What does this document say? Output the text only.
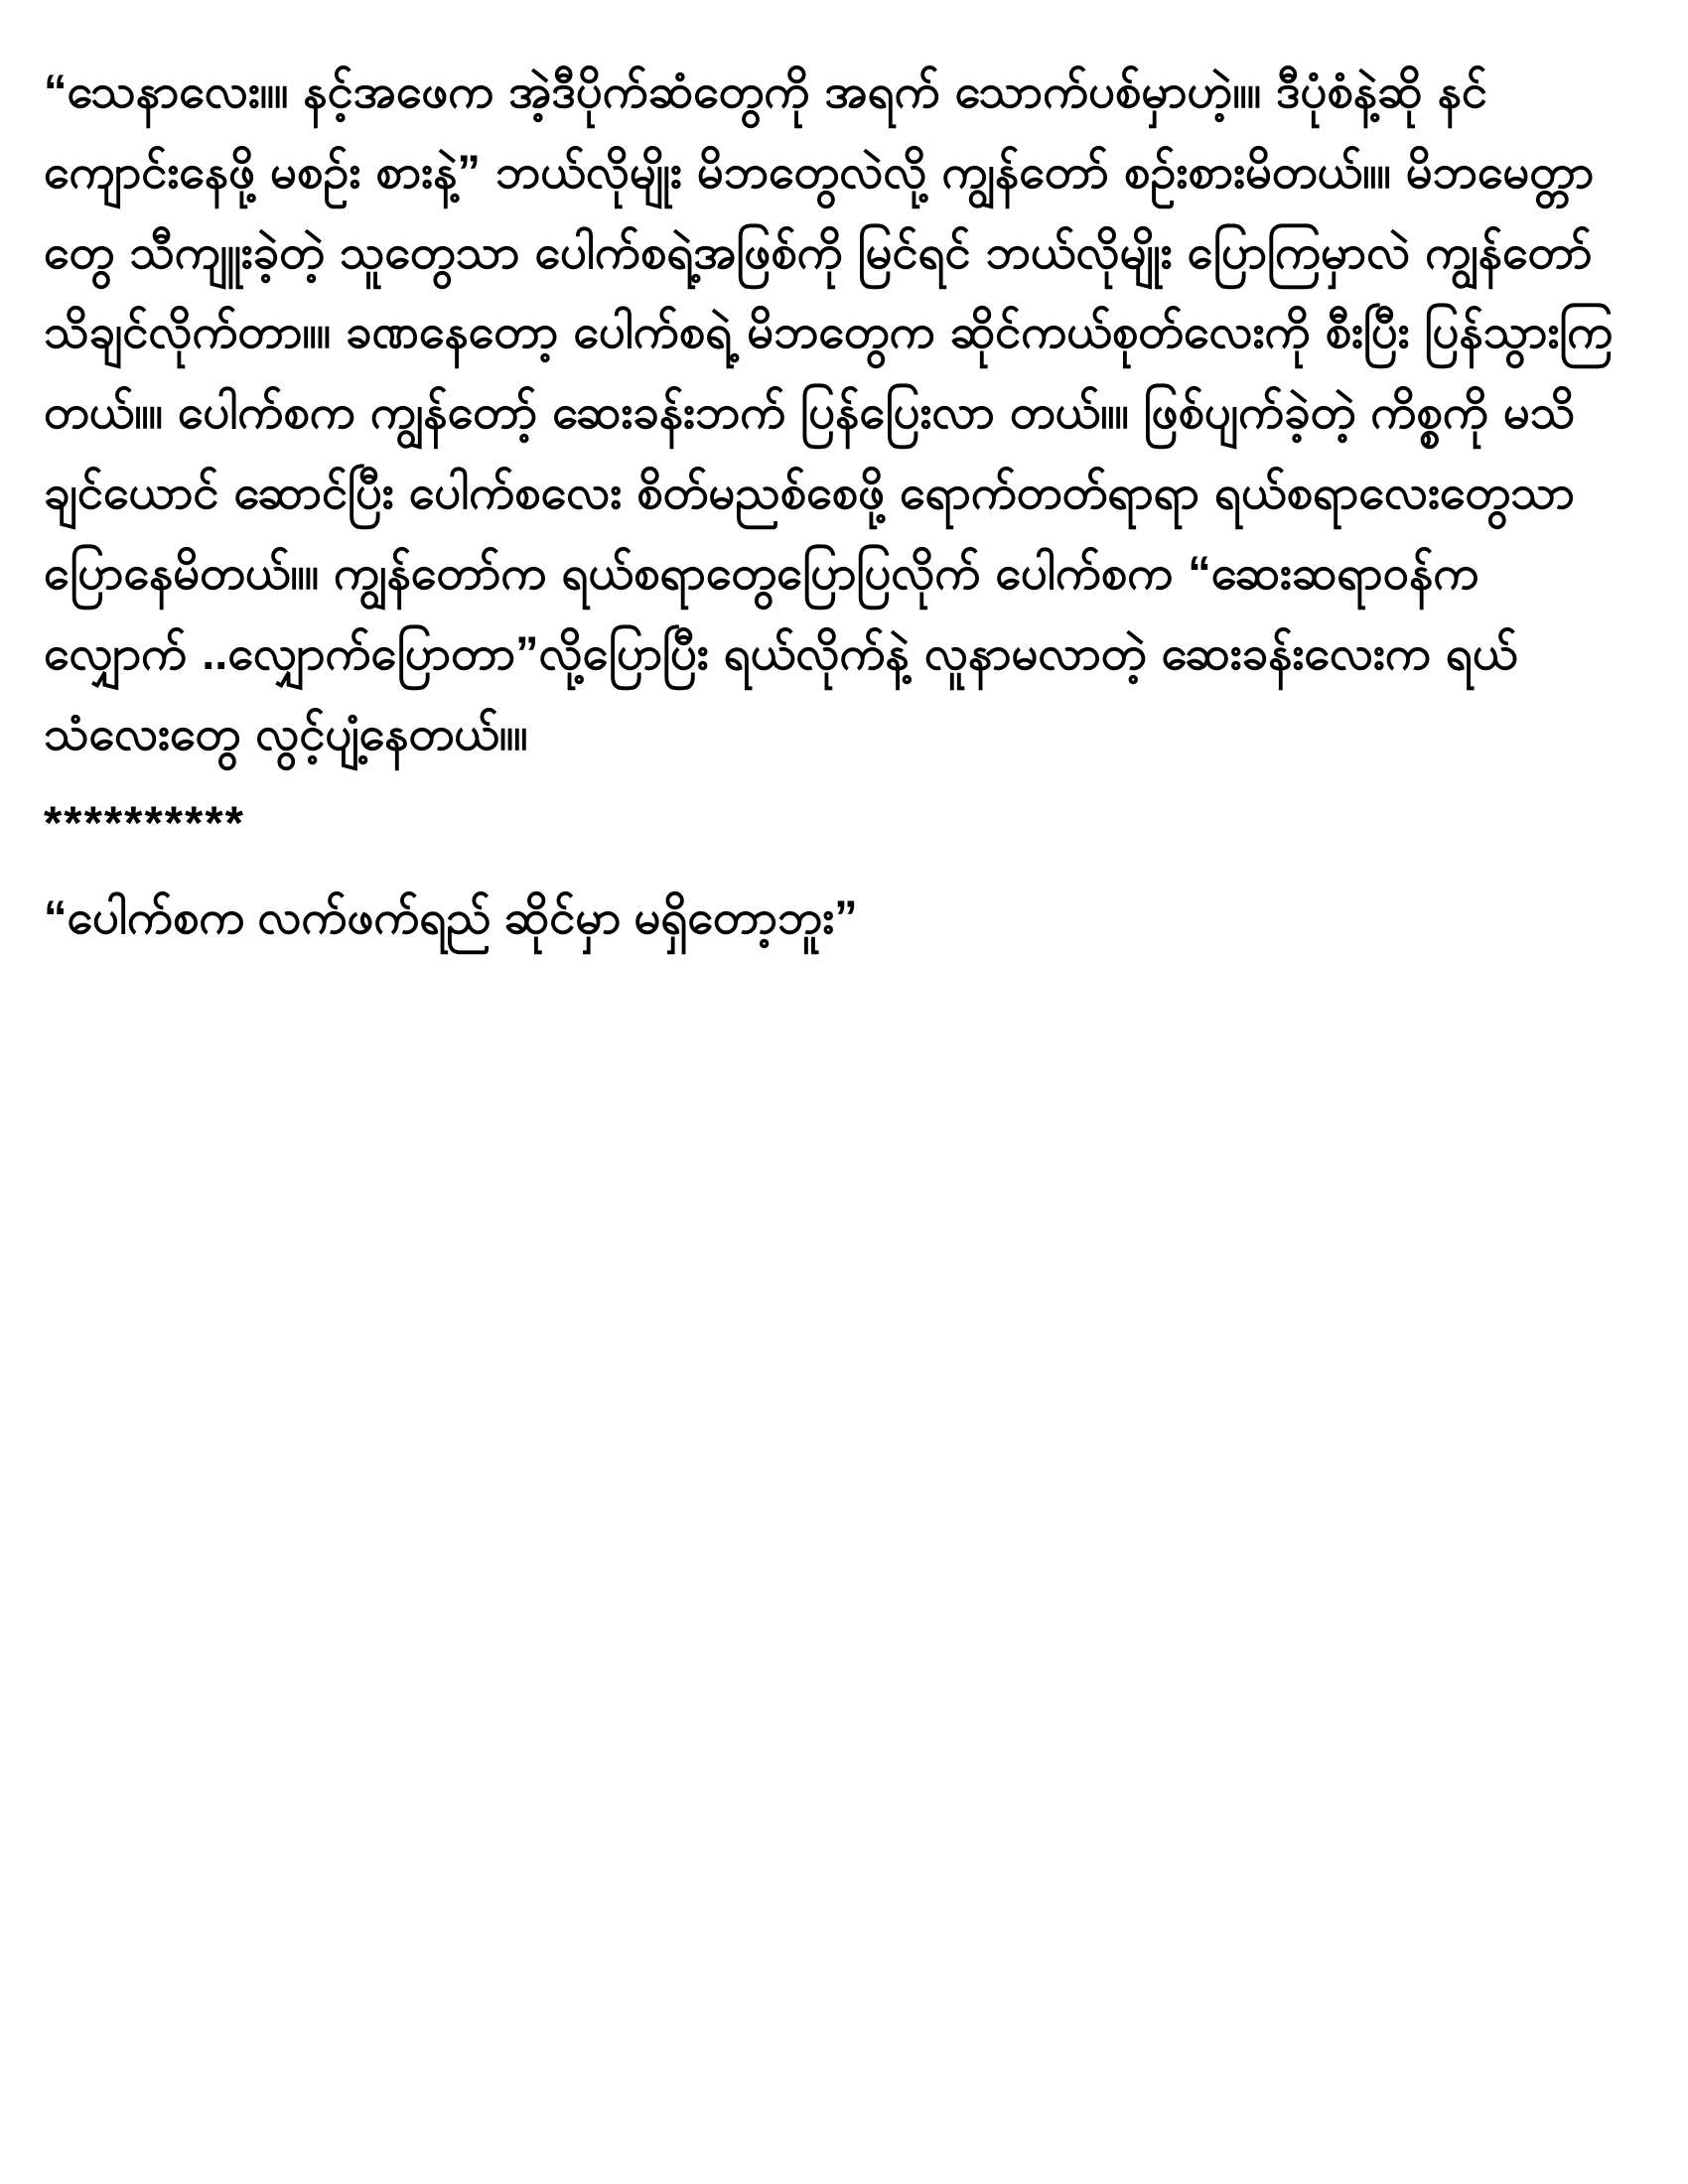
“သေနာလေး။။ နင့်အဖေက အဲ့ဒီပိုက်ဆံတွေကို အရက် သောက်ပစ်မှာဟဲ့။။ ဒီပုံစံနဲ့ဆို နင် ကျောင်းနေဖို့ မစဉ်း စားနဲ့” ဘယ်လိုမျိုး မိဘတွေလဲလို့ ကျွန်တော် စဉ်းစားမိတယ်။။ မိဘမေတ္တာတွေ သီကျူးခဲ့တဲ့ သူတွေသာ ပေါက်စရဲ့အဖြစ်ကို မြင်ရင် ဘယ်လိုမျိုး ပြောကြမှာလဲ ကျွန်တော် သိချင်လိုက်တာ။။ ခဏနေတော့ ပေါက်စရဲ့ မိဘတွေက ဆိုင်ကယ်စုတ်လေးကို စီးပြီး ပြန်သွားကြတယ်။။ ပေါက်စက ကျွန်တော့် ဆေးခန်းဘက် ပြန်ပြေးလာ တယ်။။ ဖြစ်ပျက်ခဲ့တဲ့ ကိစ္စကို မသိချင်ယောင် ဆောင်ပြီး ပေါက်စလေး စိတ်မညစ်စေဖို့ ရောက်တတ်ရာရာ ရယ်စရာလေးတွေသာ ပြောနေမိတယ်။။ ကျွန်တော်က ရယ်စရာတွေပြောပြလိုက် ပေါက်စက “ဆေးဆရာဝန်က လျှောက် ..လျှောက်ပြောတာ”လို့ပြောပြီး ရယ်လိုက်နဲ့ လူနာမလာတဲ့ ဆေးခန်းလေးက ရယ်သံလေးတွေ လွင့်ပျံ့နေတယ်။။

**********

“ပေါက်စက လက်ဖက်ရည် ဆိုင်မှာ မရှိတော့ဘူး”
